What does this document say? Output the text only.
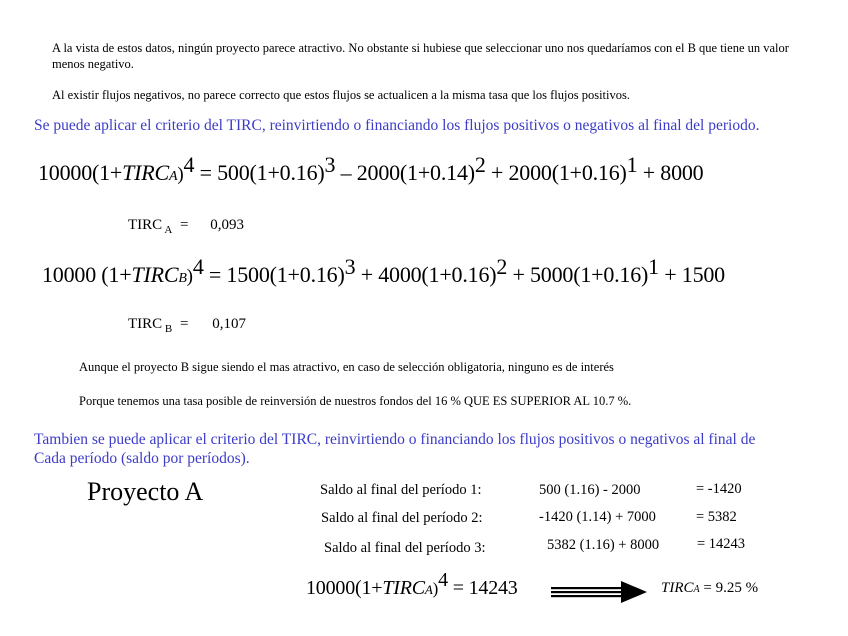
A la vista de estos datos, ningún proyecto parece atractivo. No obstante si hubiese que seleccionar uno nos quedaríamos con el B que tiene un valor menos negativo.
Al existir flujos negativos, no parece correcto que estos flujos se actualicen a la misma tasa que los flujos positivos.
Se puede aplicar el criterio del TIRC, reinvirtiendo o financiando los flujos positivos o negativos al final del periodo.
10000(1+TIRCA)$^4$ = $500(1+0.16)^3 - 2000(1+0.14)^2 + 2000(1+0.16)^1 + 8000$
TIRC $_A$ = 0,093
10000 (1+TIRCB)$^4$ = $1500(1+0.16)^3 + 4000(1+0.16)^2 + 5000(1+0.16)^1 + 1500$
TIRC $_B$ = 0,107
Aunque el proyecto B sigue siendo el mas atractivo, en caso de selección obligatoria, ninguno es de interés
Porque tenemos una tasa posible de reinversión de nuestros fondos del 16 % QUE ES SUPERIOR AL 10.7 %.
Tambien se puede aplicar el criterio del TIRC, reinvirtiendo o financiando los flujos positivos o negativos al final de
Cada período (saldo por períodos).
Proyecto A	Saldo al final del período 1:	500 (1.16) - 2000	= -1420
Saldo al final del período 2:	-1420 (1.14) + 7000	= 5382
Saldo al final del período 3:	5382 (1.16) + 8000	= 14243
10000(1+TIRCA)$^4$ = 14243	TIRCA = 9.25 %
